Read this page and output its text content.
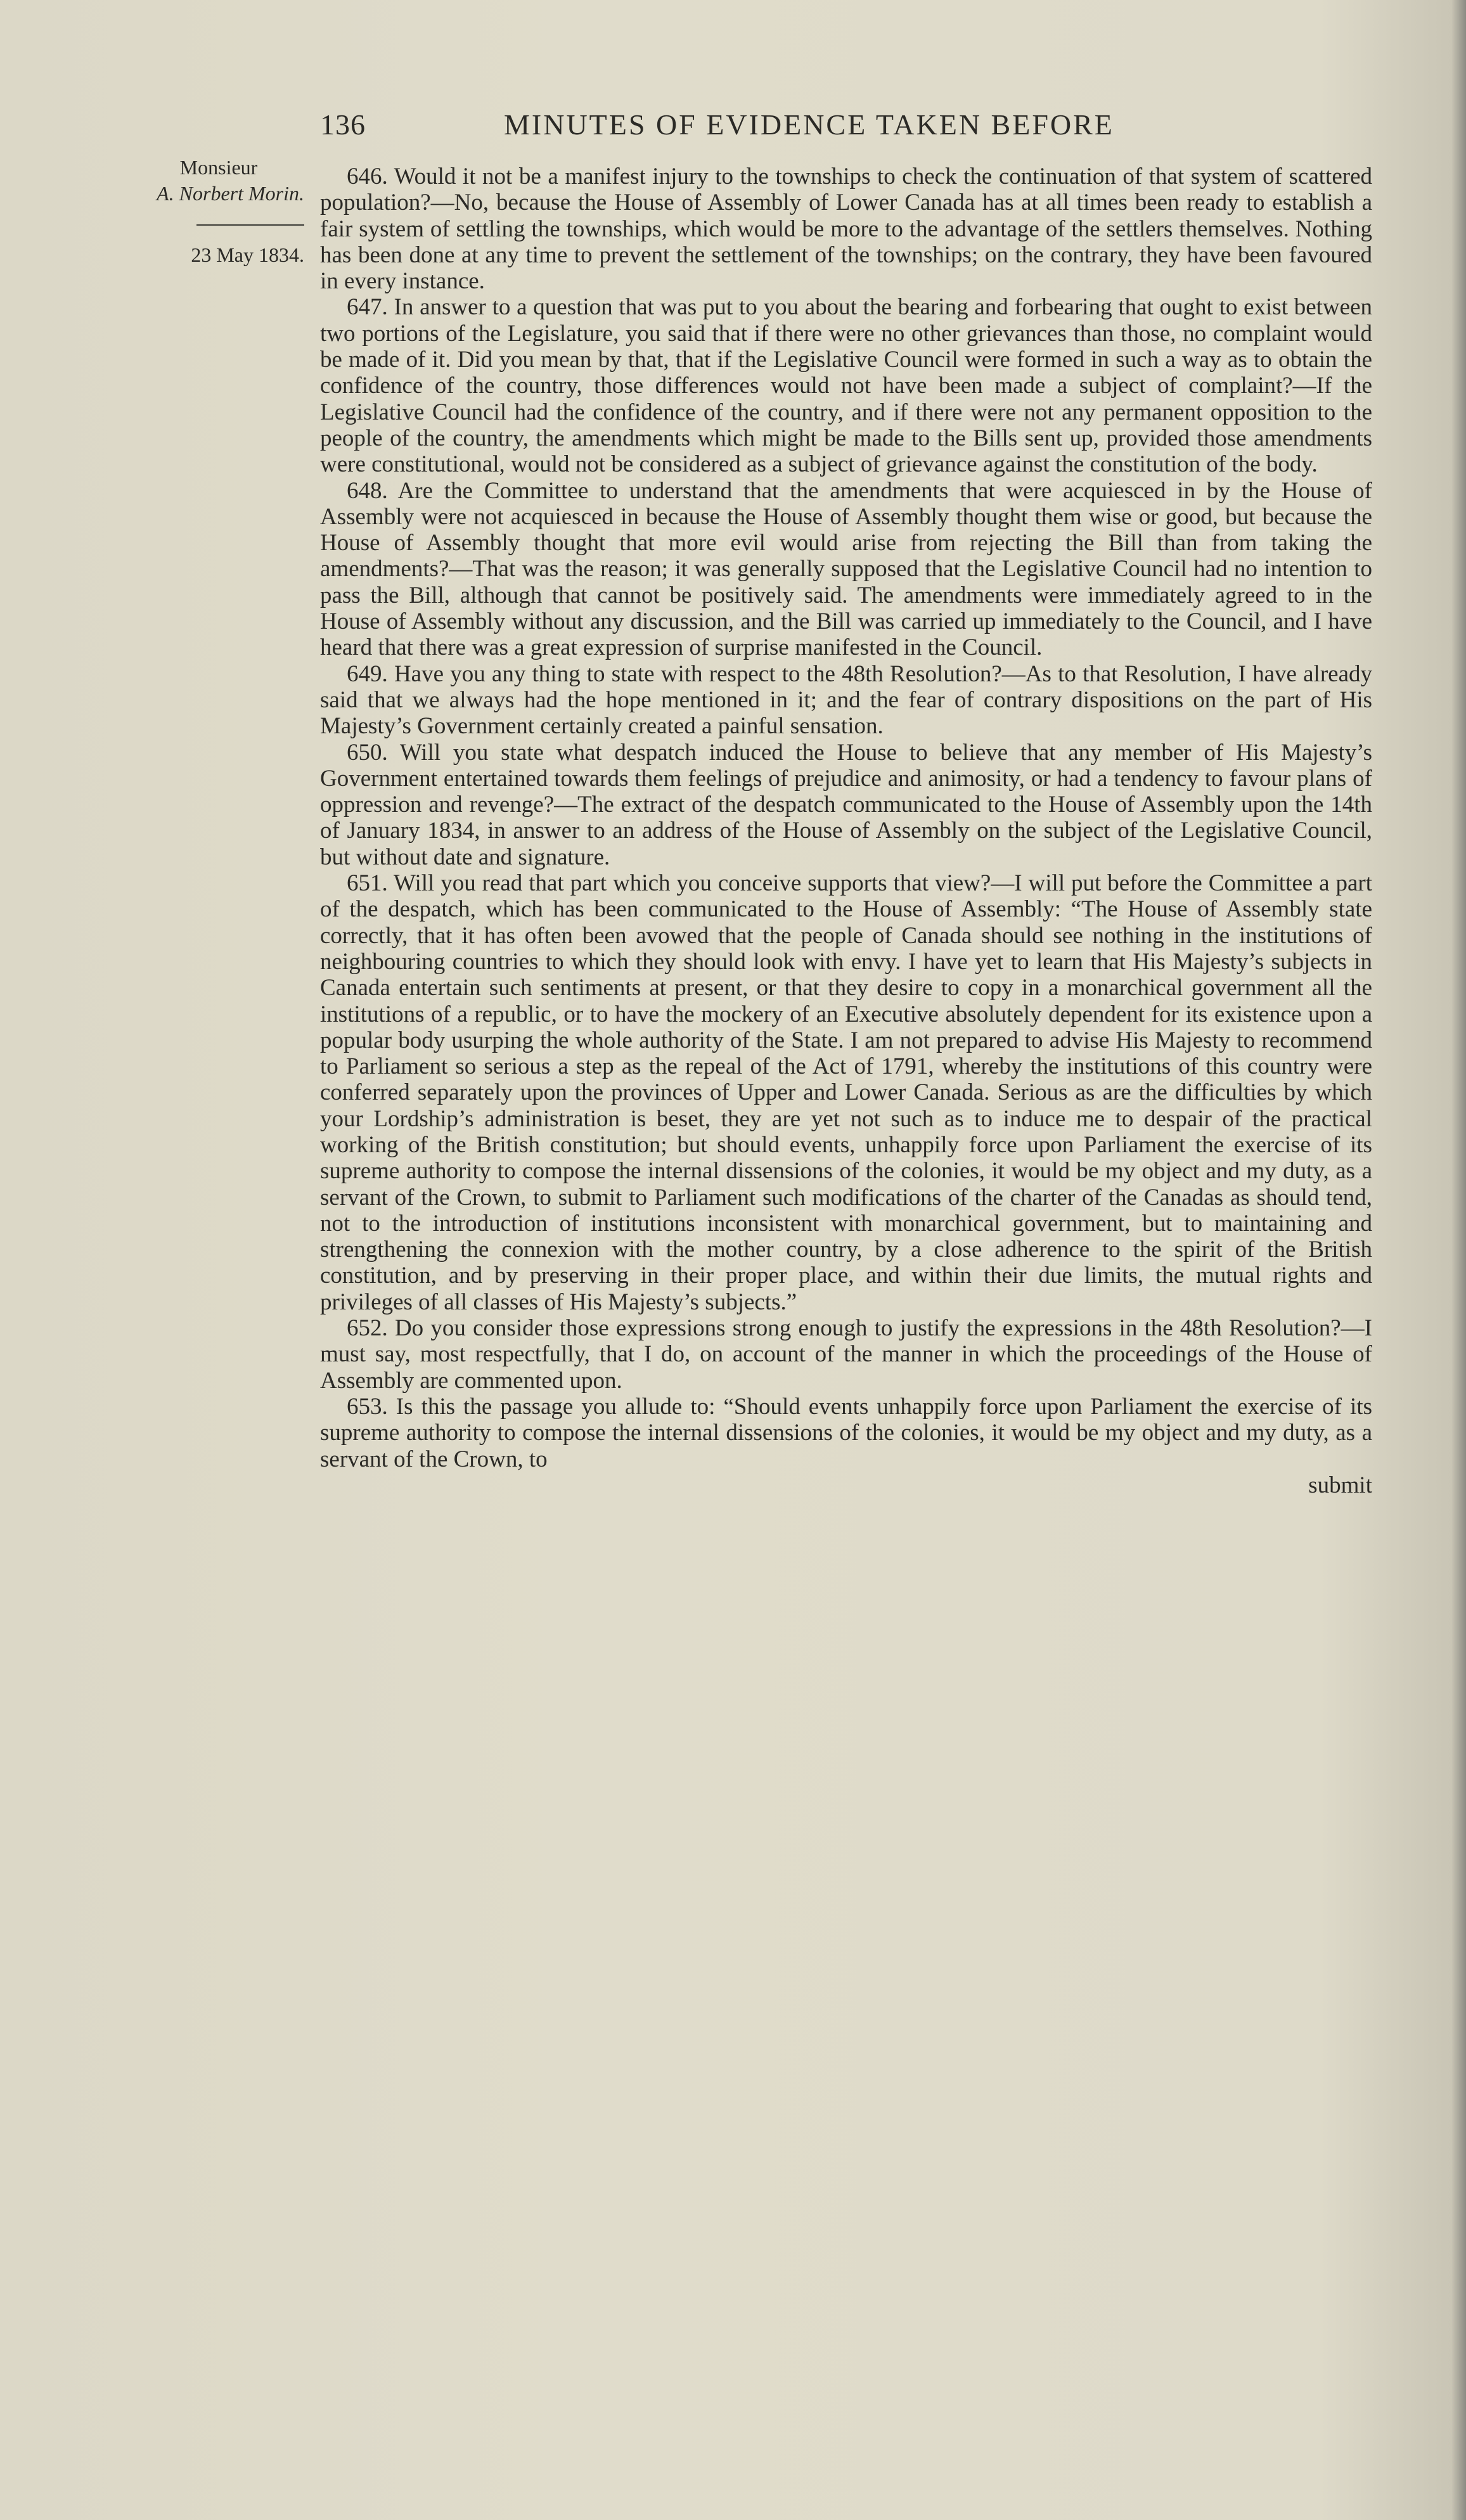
136	MINUTES OF EVIDENCE TAKEN BEFORE
Monsieur
A. Norbert Morin.
23 May 1834.

646. Would it not be a manifest injury to the townships to check the continuation of that system of scattered population?—No, because the House of Assembly of Lower Canada has at all times been ready to establish a fair system of settling the townships, which would be more to the advantage of the settlers themselves. Nothing has been done at any time to prevent the settlement of the townships; on the contrary, they have been favoured in every instance.

647. In answer to a question that was put to you about the bearing and forbearing that ought to exist between two portions of the Legislature, you said that if there were no other grievances than those, no complaint would be made of it. Did you mean by that, that if the Legislative Council were formed in such a way as to obtain the confidence of the country, those differences would not have been made a subject of complaint?—If the Legislative Council had the confidence of the country, and if there were not any permanent opposition to the people of the country, the amendments which might be made to the Bills sent up, provided those amendments were constitutional, would not be considered as a subject of grievance against the constitution of the body.

648. Are the Committee to understand that the amendments that were acquiesced in by the House of Assembly were not acquiesced in because the House of Assembly thought them wise or good, but because the House of Assembly thought that more evil would arise from rejecting the Bill than from taking the amendments?—That was the reason; it was generally supposed that the Legislative Council had no intention to pass the Bill, although that cannot be positively said. The amendments were immediately agreed to in the House of Assembly without any discussion, and the Bill was carried up immediately to the Council, and I have heard that there was a great expression of surprise manifested in the Council.

649. Have you any thing to state with respect to the 48th Resolution?—As to that Resolution, I have already said that we always had the hope mentioned in it; and the fear of contrary dispositions on the part of His Majesty’s Government certainly created a painful sensation.

650. Will you state what despatch induced the House to believe that any member of His Majesty’s Government entertained towards them feelings of prejudice and animosity, or had a tendency to favour plans of oppression and revenge?—The extract of the despatch communicated to the House of Assembly upon the 14th of January 1834, in answer to an address of the House of Assembly on the subject of the Legislative Council, but without date and signature.

651. Will you read that part which you conceive supports that view?—I will put before the Committee a part of the despatch, which has been communicated to the House of Assembly: “The House of Assembly state correctly, that it has often been avowed that the people of Canada should see nothing in the institutions of neighbouring countries to which they should look with envy. I have yet to learn that His Majesty’s subjects in Canada entertain such sentiments at present, or that they desire to copy in a monarchical government all the institutions of a republic, or to have the mockery of an Executive absolutely dependent for its existence upon a popular body usurping the whole authority of the State. I am not prepared to advise His Majesty to recommend to Parliament so serious a step as the repeal of the Act of 1791, whereby the institutions of this country were conferred separately upon the provinces of Upper and Lower Canada. Serious as are the difficulties by which your Lordship’s administration is beset, they are yet not such as to induce me to despair of the practical working of the British constitution; but should events, unhappily force upon Parliament the exercise of its supreme authority to compose the internal dissensions of the colonies, it would be my object and my duty, as a servant of the Crown, to submit to Parliament such modifications of the charter of the Canadas as should tend, not to the introduction of institutions inconsistent with monarchical government, but to maintaining and strengthening the connexion with the mother country, by a close adherence to the spirit of the British constitution, and by preserving in their proper place, and within their due limits, the mutual rights and privileges of all classes of His Majesty’s subjects.”

652. Do you consider those expressions strong enough to justify the expressions in the 48th Resolution?—I must say, most respectfully, that I do, on account of the manner in which the proceedings of the House of Assembly are commented upon.

653. Is this the passage you allude to: “Should events unhappily force upon Parliament the exercise of its supreme authority to compose the internal dissensions of the colonies, it would be my object and my duty, as a servant of the Crown, to

submit
